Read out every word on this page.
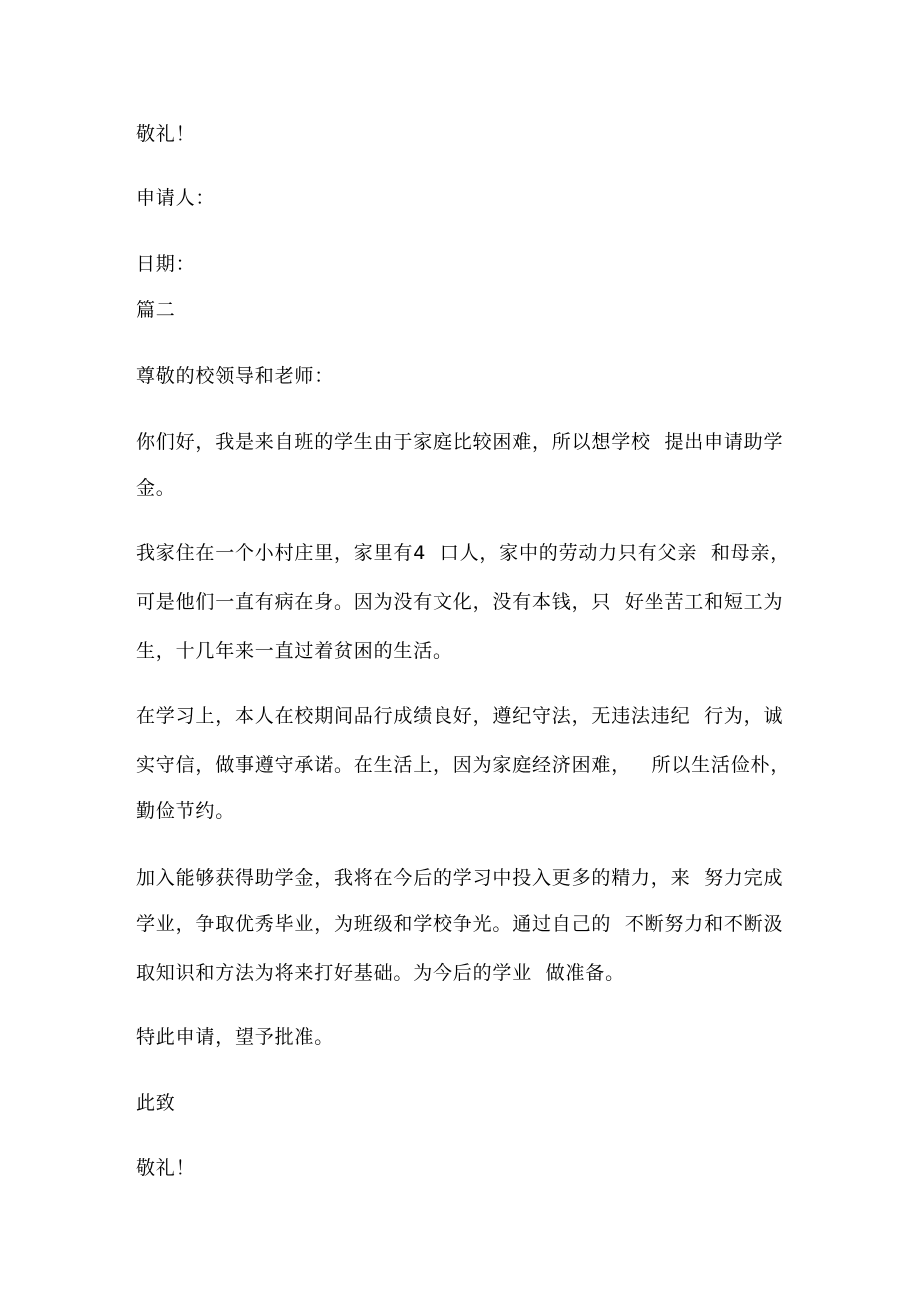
敬礼！
申请人：
日期：
篇二
尊敬的校领导和老师：
你们好，我是来自班的学生由于家庭比较困难，所以想学校  提出申请助学
金。
我家住在一个小村庄里，家里有4  口人，家中的劳动力只有父亲  和母亲，
可是他们一直有病在身。因为没有文化，没有本钱，只  好坐苦工和短工为
生，十几年来一直过着贫困的生活。
在学习上，本人在校期间品行成绩良好，遵纪守法，无违法违纪  行为，诚
实守信，做事遵守承诺。在生活上，因为家庭经济困难，   所以生活俭朴，
勤俭节约。
加入能够获得助学金，我将在今后的学习中投入更多的精力，来  努力完成
学业，争取优秀毕业，为班级和学校争光。通过自己的  不断努力和不断汲
取知识和方法为将来打好基础。为今后的学业  做准备。
特此申请，望予批准。
此致
敬礼！
